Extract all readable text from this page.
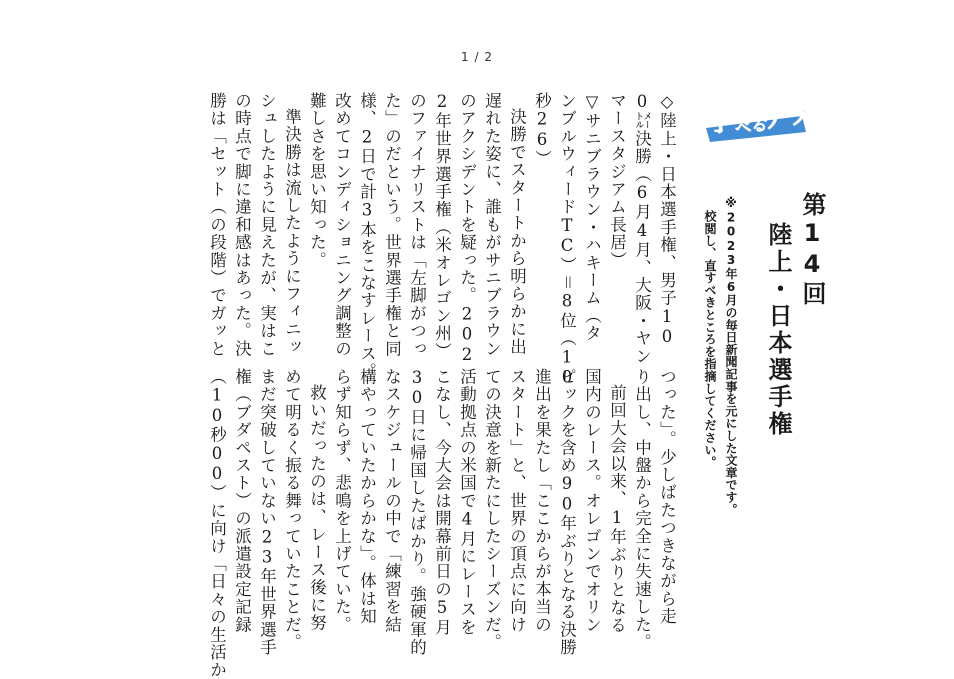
1 / 2
学 べる
ゲラ
第14回
陸上・日本選手権
※2023年6月の毎日新聞記事を元にした文章です。
校閲し、直すべきところを指摘してください。
つった」。少しばたつきながら走
り出し、中盤から完全に失速した。
前回大会以来、1年ぶりとなる
国内のレース。オレゴンでオリン
ピックを含め90年ぶりとなる決勝
進出を果たし「ここからが本当の
スタート」と、世界の頂点に向け
ての決意を新たにしたシーズンだ。
活動拠点の米国で4月にレースを
こなし、今大会は開幕前日の5月
30日に帰国したばかり。強硬軍的
なスケジュールの中で「練習を結
構やっていたからかな」。体は知
らず知らず、悲鳴を上げていた。
救いだったのは、レース後に努
めて明るく振る舞っていたことだ。
まだ突破していない23年世界選手
権（ブダペスト）の派遣設定記録
（10秒00）に向け「日々の生活か
◇陸上・日本選手権、男子10
0㍍決勝（6月4月、大阪・ヤン
マースタジアム長居）
▽サニブラウン・ハキーム（タ
ンブルウィードTC）＝8位（10
秒26）
決勝でスタートから明らかに出
遅れた姿に、誰もがサニブラウン
のアクシデントを疑った。202
2年世界選手権（米オレゴン州）
のファイナリストは「左脚がつっ
た」のだという。世界選手権と同
様、2日で計3本をこなすレース。
改めてコンディショニング調整の
難しさを思い知った。
準決勝は流したようにフィニッ
シュしたように見えたが、実はこ
の時点で脚に違和感はあった。決
勝は「セット（の段階）でガッと
